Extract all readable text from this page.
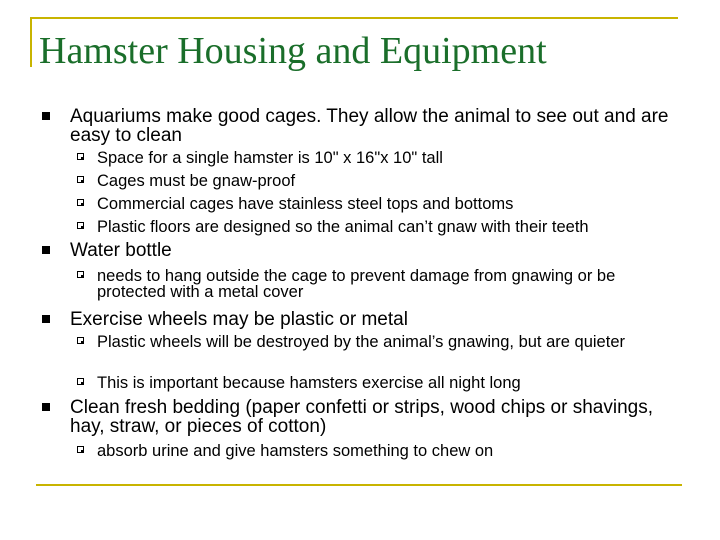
Hamster Housing and Equipment
Aquariums make good cages. They allow the animal to see out and are easy to clean
Space for a single hamster is 10" x 16"x 10" tall
Cages must be gnaw-proof
Commercial cages have stainless steel tops and bottoms
Plastic floors are designed so the animal can’t gnaw with their teeth
Water bottle
needs to hang outside the cage to prevent damage from gnawing or be protected with a metal cover
Exercise wheels may be plastic or metal
Plastic wheels will be destroyed by the animal’s gnawing, but are quieter
This is important because hamsters exercise all night long
Clean fresh bedding (paper confetti or strips, wood chips or shavings, hay, straw, or pieces of cotton)
absorb urine and give hamsters something to chew on
